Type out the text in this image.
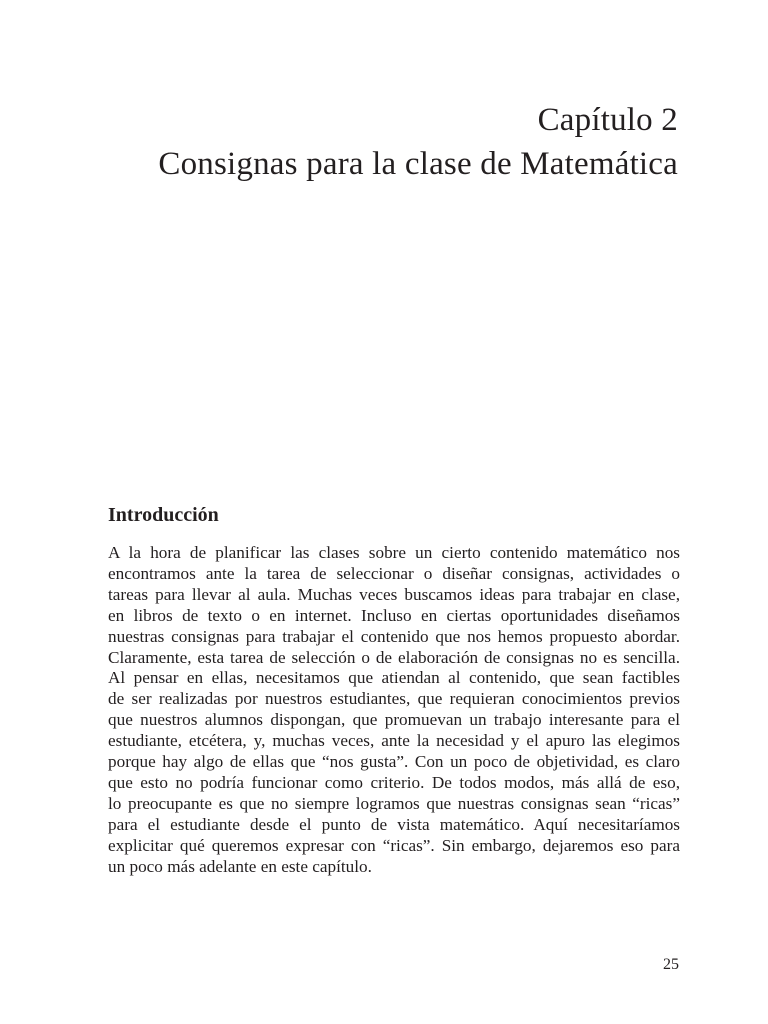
Capítulo 2
Consignas para la clase de Matemática
Introducción
A la hora de planificar las clases sobre un cierto contenido matemático nos
encontramos ante la tarea de seleccionar o diseñar consignas, actividades o
tareas para llevar al aula. Muchas veces buscamos ideas para trabajar en clase,
en libros de texto o en internet. Incluso en ciertas oportunidades diseñamos
nuestras consignas para trabajar el contenido que nos hemos propuesto abordar.
Claramente, esta tarea de selección o de elaboración de consignas no es sencilla.
Al pensar en ellas, necesitamos que atiendan al contenido, que sean factibles
de ser realizadas por nuestros estudiantes, que requieran conocimientos previos
que nuestros alumnos dispongan, que promuevan un trabajo interesante para el
estudiante, etcétera, y, muchas veces, ante la necesidad y el apuro las elegimos
porque hay algo de ellas que “nos gusta”. Con un poco de objetividad, es claro
que esto no podría funcionar como criterio. De todos modos, más allá de eso,
lo preocupante es que no siempre logramos que nuestras consignas sean “ricas”
para el estudiante desde el punto de vista matemático. Aquí necesitaríamos
explicitar qué queremos expresar con “ricas”. Sin embargo, dejaremos eso para
un poco más adelante en este capítulo.
25
